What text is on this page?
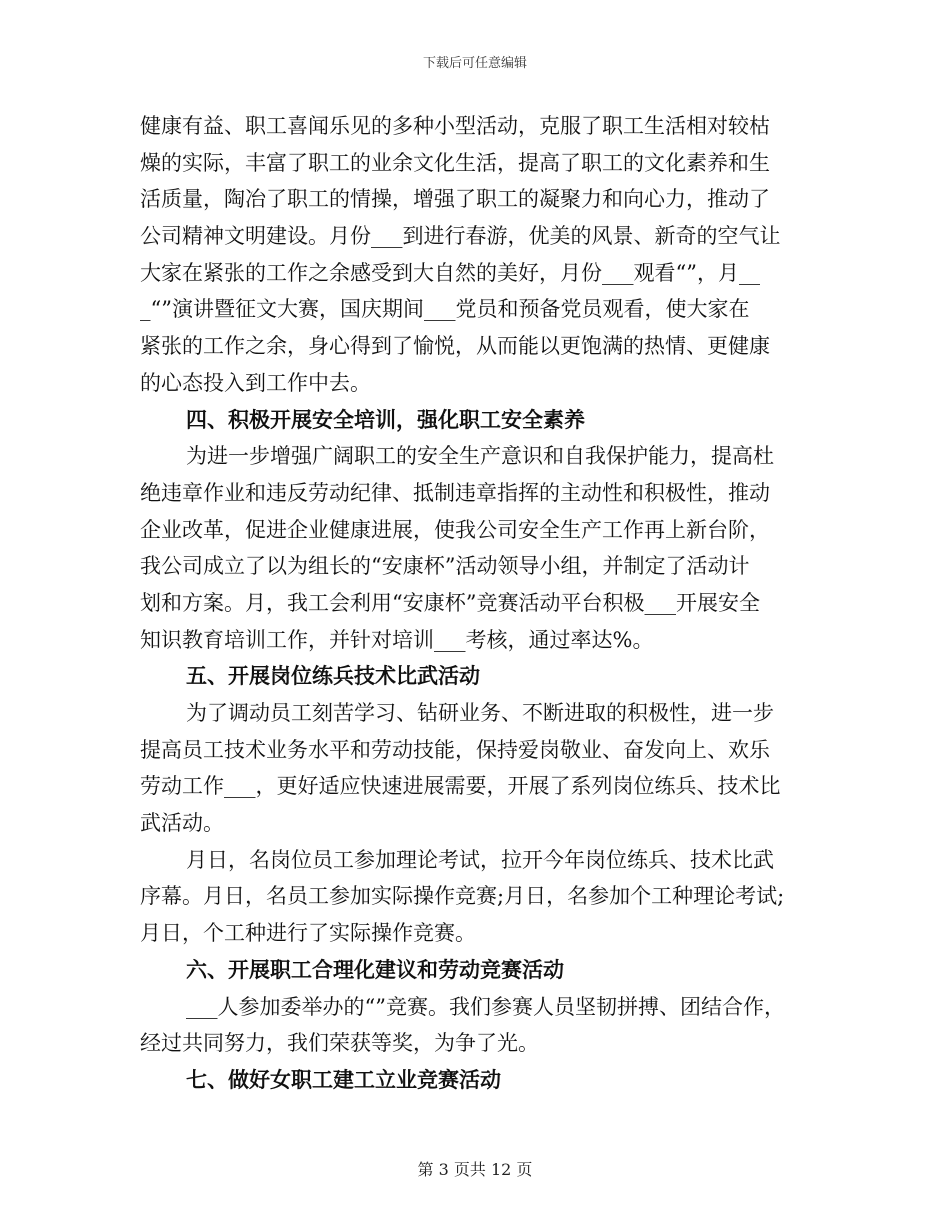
下载后可任意编辑
健康有益、职工喜闻乐见的多种小型活动，克服了职工生活相对较枯
燥的实际，丰富了职工的业余文化生活，提高了职工的文化素养和生
活质量，陶冶了职工的情操，增强了职工的凝聚力和向心力，推动了
公司精神文明建设。月份___到进行春游，优美的风景、新奇的空气让
大家在紧张的工作之余感受到大自然的美好，月份___观看“”，月__
_“”演讲暨征文大赛，国庆期间___党员和预备党员观看，使大家在
紧张的工作之余，身心得到了愉悦，从而能以更饱满的热情、更健康
的心态投入到工作中去。
四、积极开展安全培训，强化职工安全素养
为进一步增强广阔职工的安全生产意识和自我保护能力，提高杜
绝违章作业和违反劳动纪律、抵制违章指挥的主动性和积极性，推动
企业改革，促进企业健康进展，使我公司安全生产工作再上新台阶，
我公司成立了以为组长的“安康杯”活动领导小组，并制定了活动计
划和方案。月，我工会利用“安康杯”竞赛活动平台积极___开展安全
知识教育培训工作，并针对培训___考核，通过率达%。
五、开展岗位练兵技术比武活动
为了调动员工刻苦学习、钻研业务、不断进取的积极性，进一步
提高员工技术业务水平和劳动技能，保持爱岗敬业、奋发向上、欢乐
劳动工作___，更好适应快速进展需要，开展了系列岗位练兵、技术比
武活动。
月日，名岗位员工参加理论考试，拉开今年岗位练兵、技术比武
序幕。月日，名员工参加实际操作竞赛;月日，名参加个工种理论考试;
月日，个工种进行了实际操作竞赛。
六、开展职工合理化建议和劳动竞赛活动
___人参加委举办的“”竞赛。我们参赛人员坚韧拼搏、团结合作，
经过共同努力，我们荣获等奖，为争了光。
七、做好女职工建工立业竞赛活动
第 3 页共 12 页
